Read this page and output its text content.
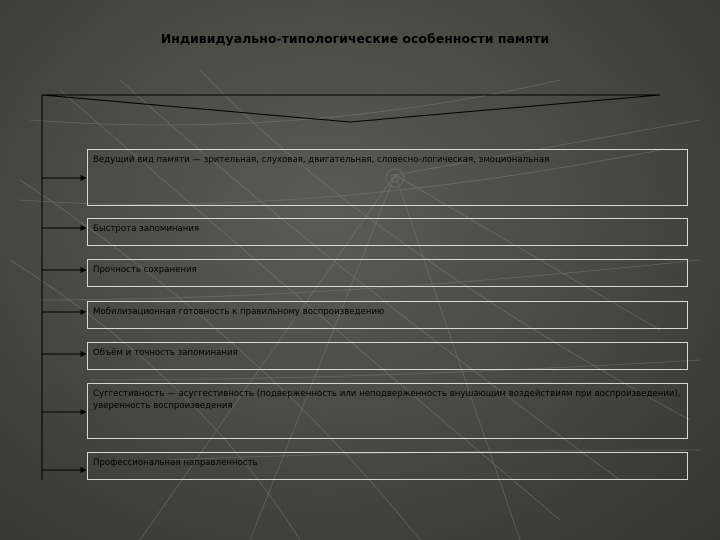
Индивидуально-типологические особенности памяти
Ведущий вид памяти — зрительная, слуховая, двигательная, словесно-логическая, эмоциональная
Быстрота запоминания
Прочность сохранения
Мобилизационная готовность к правильному воспроизведению
Объём и точность запоминания
Суггестивность — асуггестивность (подверженность или неподверженность внушающим воздействиям при воспроизведении), уверенность воспроизведения
Профессиональная направленность
